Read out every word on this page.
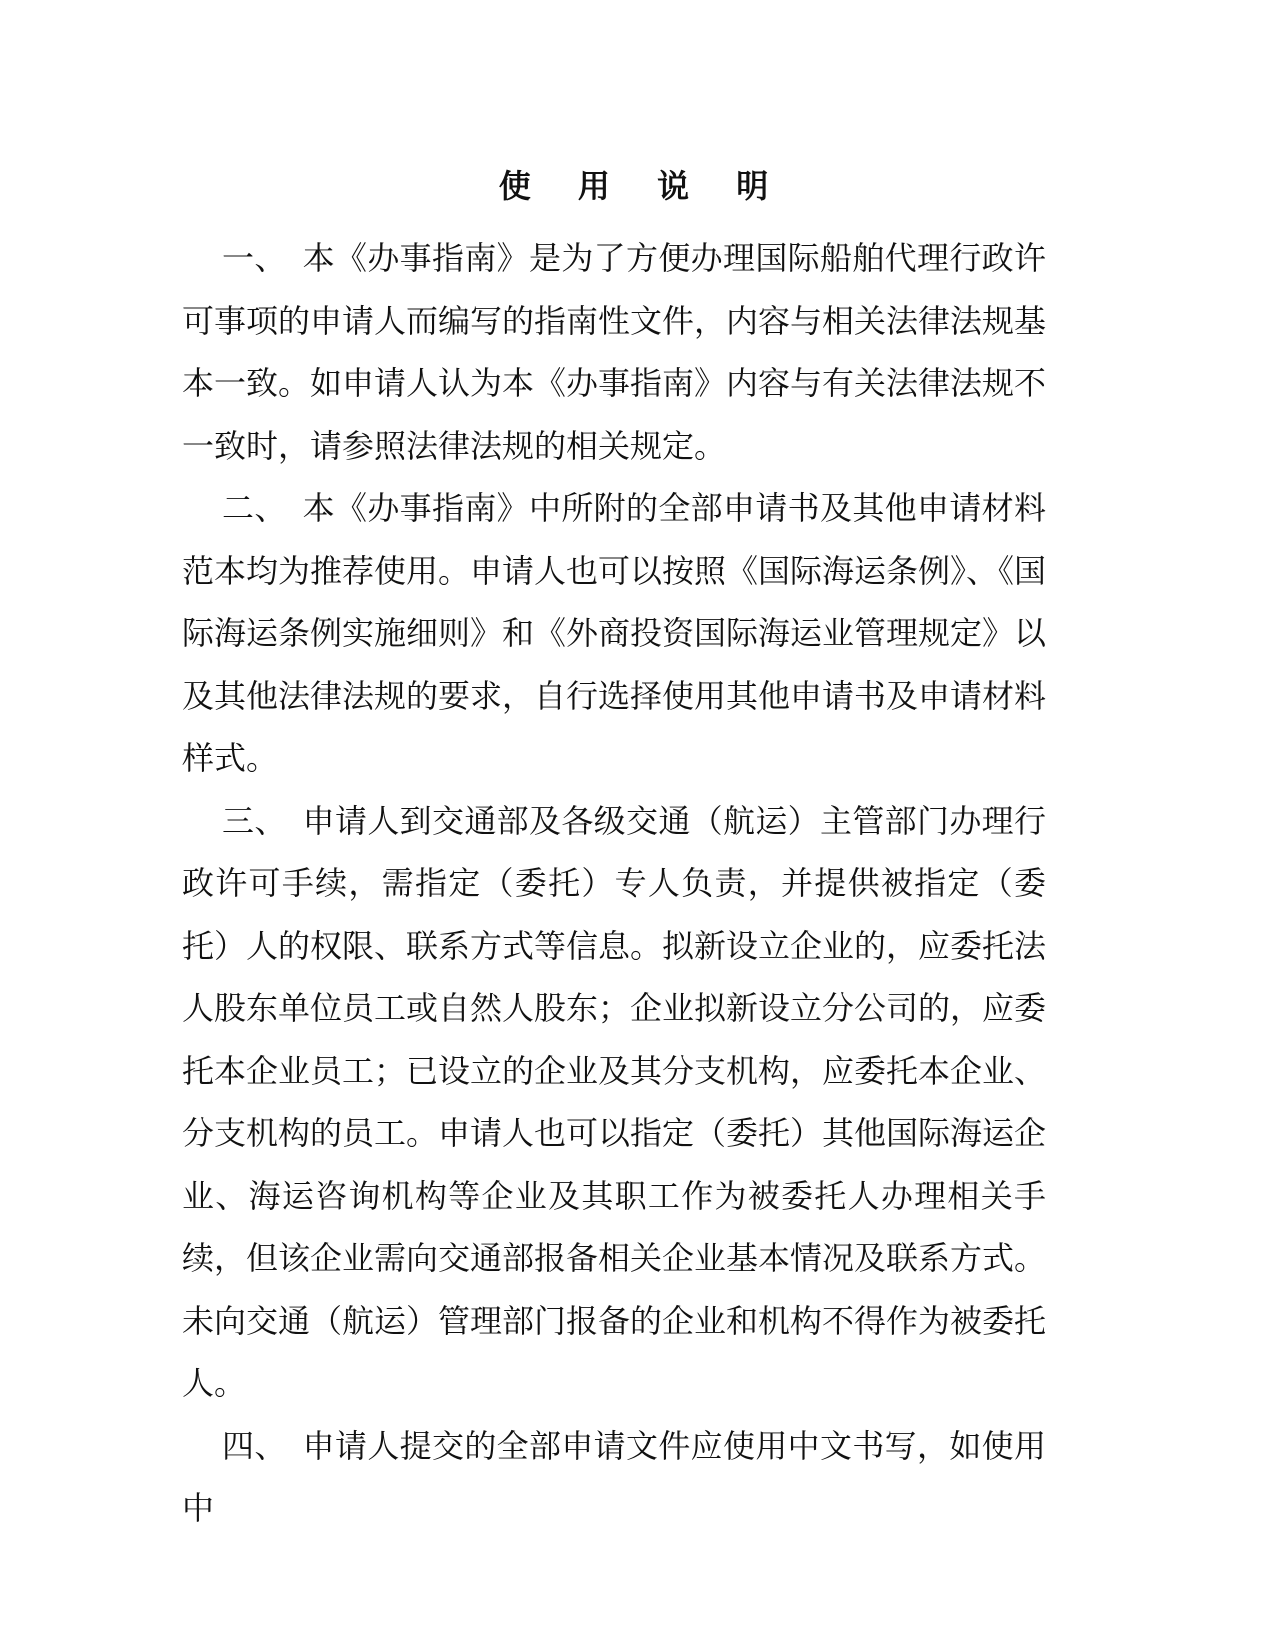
使 用 说 明

一、 本《办事指南》是为了方便办理国际船舶代理行政许可事项的申请人而编写的指南性文件，内容与相关法律法规基本一致。如申请人认为本《办事指南》内容与有关法律法规不一致时，请参照法律法规的相关规定。

二、 本《办事指南》中所附的全部申请书及其他申请材料范本均为推荐使用。申请人也可以按照《国际海运条例》、《国际海运条例实施细则》和《外商投资国际海运业管理规定》以及其他法律法规的要求，自行选择使用其他申请书及申请材料样式。

三、 申请人到交通部及各级交通（航运）主管部门办理行政许可手续，需指定（委托）专人负责，并提供被指定（委托）人的权限、联系方式等信息。拟新设立企业的，应委托法人股东单位员工或自然人股东；企业拟新设立分公司的，应委托本企业员工；已设立的企业及其分支机构，应委托本企业、分支机构的员工。申请人也可以指定（委托）其他国际海运企业、海运咨询机构等企业及其职工作为被委托人办理相关手续，但该企业需向交通部报备相关企业基本情况及联系方式。未向交通（航运）管理部门报备的企业和机构不得作为被委托人。

四、 申请人提交的全部申请文件应使用中文书写，如使用中
